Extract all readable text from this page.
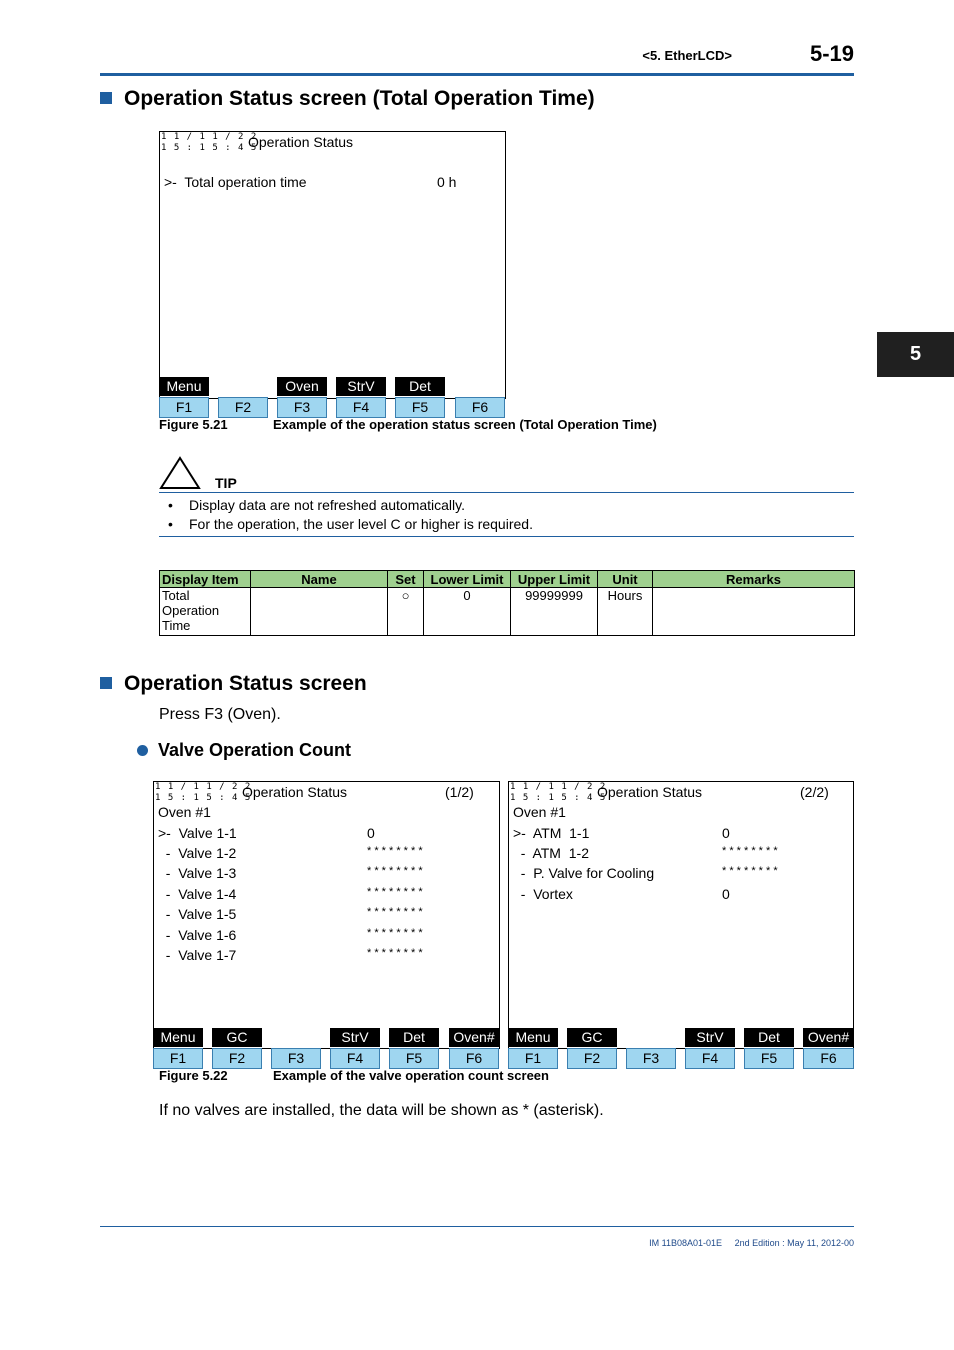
<5. EtherLCD>	5-19
5
Operation Status screen (Total Operation Time)
1 1 / 1 1 / 2 2
1 5 : 1 5 : 4 5
Operation Status
>-  Total operation time	0 h
Menu	Oven	StrV	Det
F1	F2	F3	F4	F5	F6
Figure 5.21	Example of the operation status screen (Total Operation Time)
TIP
• Display data are not refreshed automatically.
• For the operation, the user level C or higher is required.
Display Item	Name	Set	Lower Limit	Upper Limit	Unit	Remarks
Total
Operation
Time		○	0	99999999	Hours	
Operation Status screen
Press F3 (Oven).
Valve Operation Count
1 1 / 1 1 / 2 2
1 5 : 1 5 : 4 5
Operation Status	(1/2)
Oven #1
>-  Valve 1-1	0
-  Valve 1-2	* * * * * * * *
-  Valve 1-3	* * * * * * * *
-  Valve 1-4	* * * * * * * *
-  Valve 1-5	* * * * * * * *
-  Valve 1-6	* * * * * * * *
-  Valve 1-7	* * * * * * * *
Menu	GC	StrV	Det	Oven#
F1	F2	F3	F4	F5	F6
1 1 / 1 1 / 2 2
1 5 : 1 5 : 4 5
Operation Status	(2/2)
Oven #1
>-  ATM  1-1	0
-  ATM  1-2	* * * * * * * *
-  P. Valve for Cooling	* * * * * * * *
-  Vortex	0
Menu	GC	StrV	Det	Oven#
F1	F2	F3	F4	F5	F6
Figure 5.22	Example of the valve operation count screen
If no valves are installed, the data will be shown as * (asterisk).
IM 11B08A01-01E 2nd Edition : May 11, 2012-00
